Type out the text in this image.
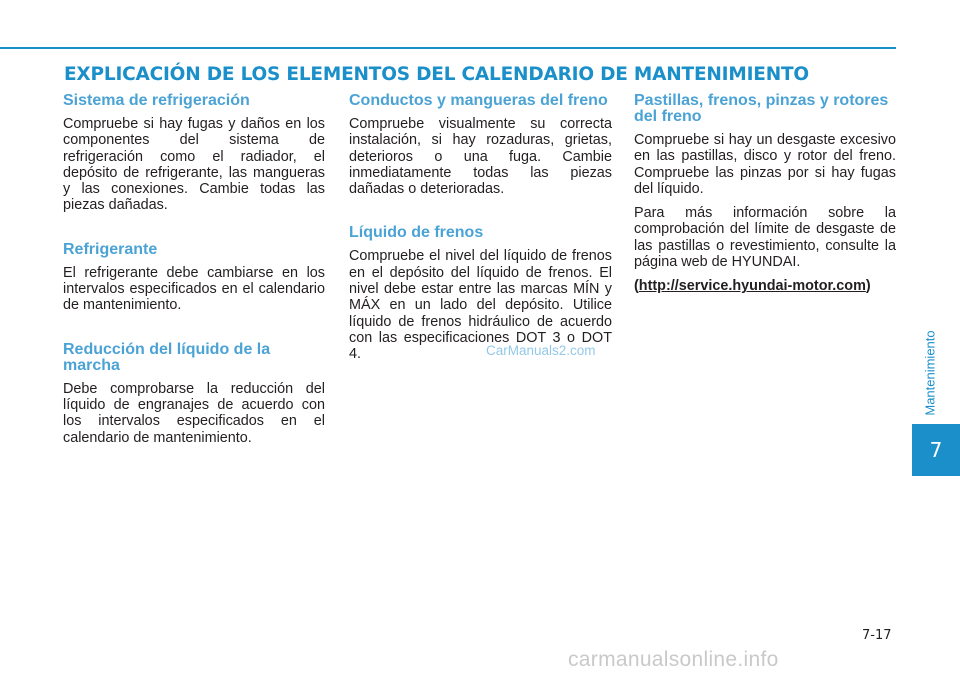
EXPLICACIÓN DE LOS ELEMENTOS DEL CALENDARIO DE MANTENIMIENTO
Sistema de refrigeración

Compruebe si hay fugas y daños en los componentes del sistema de refrigeración como el radiador, el depósito de refrigerante, las mangueras y las conexiones. Cambie todas las piezas dañadas.

Refrigerante

El refrigerante debe cambiarse en los intervalos especificados en el calendario de mantenimiento.

Reducción del líquido de la marcha

Debe comprobarse la reducción del líquido de engranajes de acuerdo con los intervalos especificados en el calendario de mantenimiento.

Conductos y mangueras del freno

Compruebe visualmente su correcta instalación, si hay rozaduras, grietas, deterioros o una fuga. Cambie inmediatamente todas las piezas dañadas o deterioradas.

Líquido de frenos

Compruebe el nivel del líquido de frenos en el depósito del líquido de frenos. El nivel debe estar entre las marcas MÍN y MÁX en un lado del depósito. Utilice líquido de frenos hidráulico de acuerdo con las especificaciones DOT 3 o DOT 4.

Pastillas, frenos, pinzas y rotores del freno

Compruebe si hay un desgaste excesivo en las pastillas, disco y rotor del freno. Compruebe las pinzas por si hay fugas del líquido.

Para más información sobre la comprobación del límite de desgaste de las pastillas o revestimiento, consulte la página web de HYUNDAI.

(http://service.hyundai-motor.com)

Mantenimiento
7
7-17
CarManuals2.com
carmanualsonline.info
